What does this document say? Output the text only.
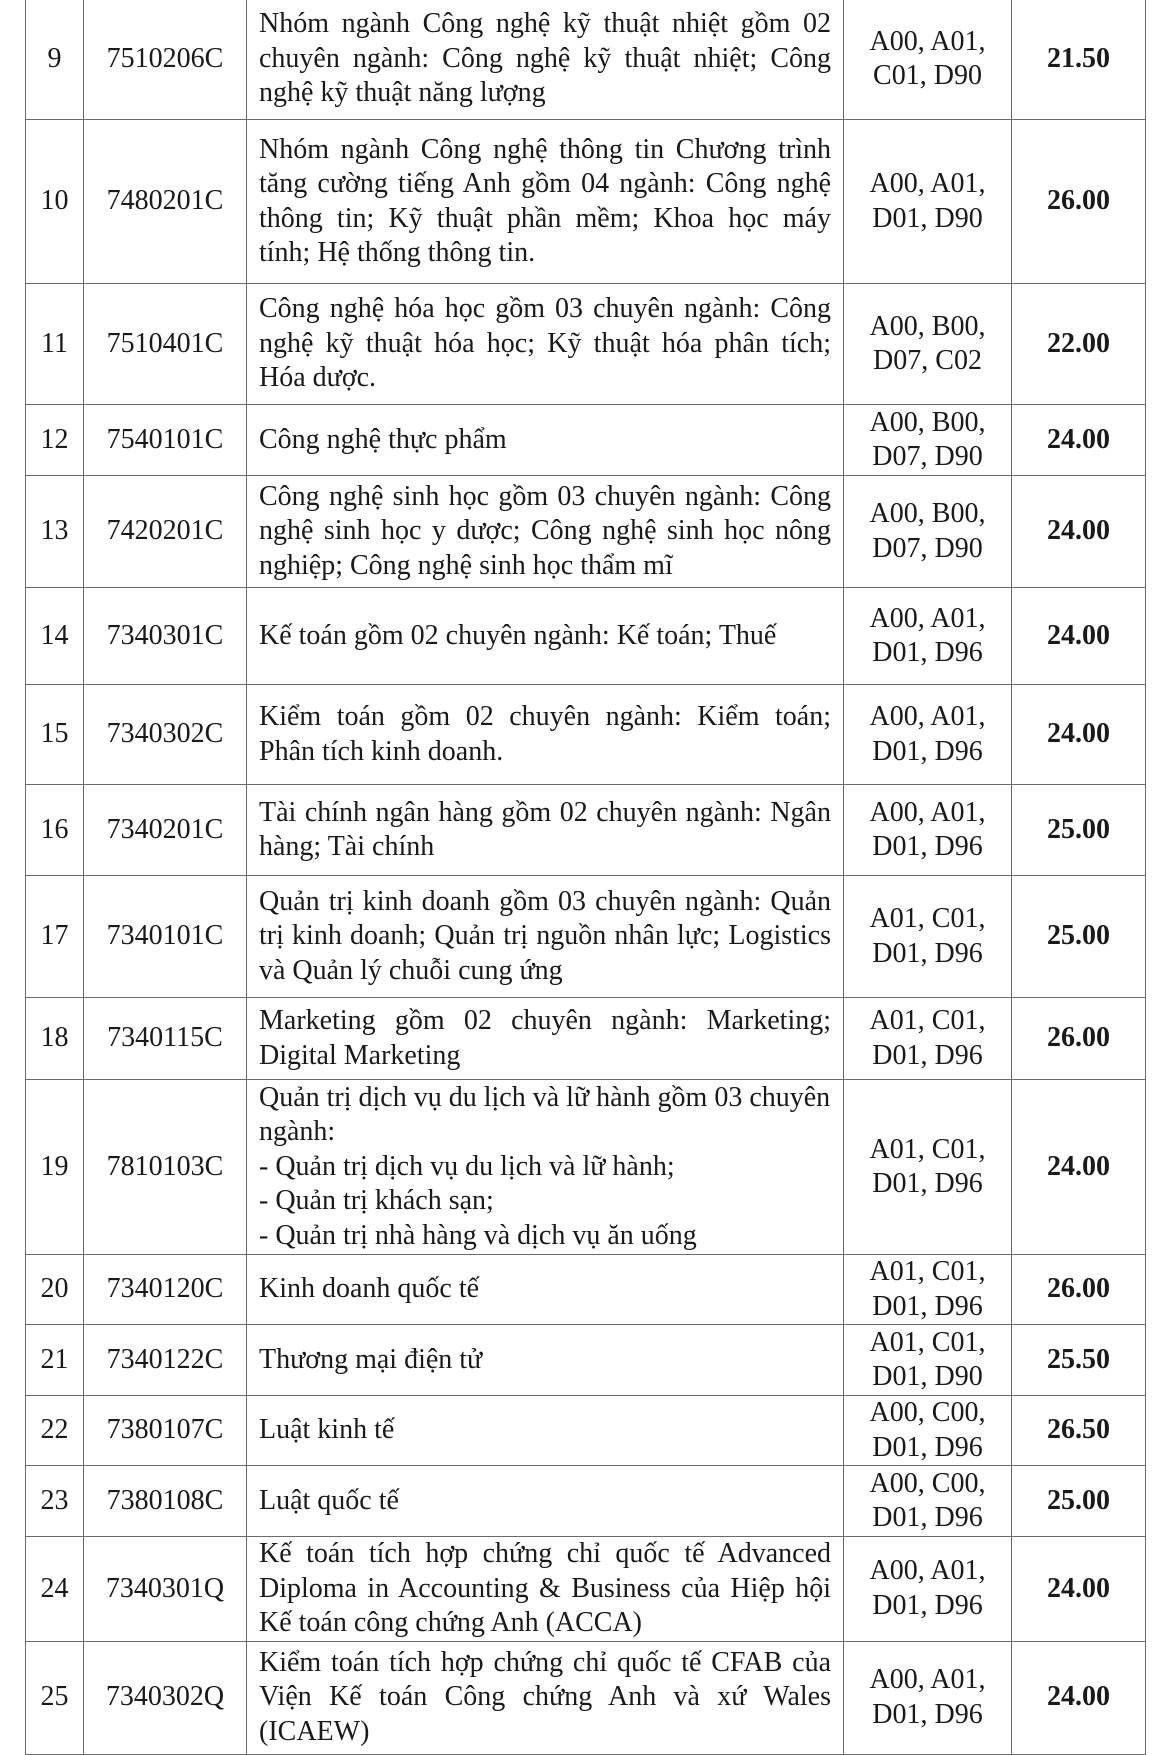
9	7510206C	Nhóm ngành Công nghệ kỹ thuật nhiệt gồm 02 chuyên ngành: Công nghệ kỹ thuật nhiệt; Công nghệ kỹ thuật năng lượng	A00, A01,
C01, D90	21.50
10	7480201C	Nhóm ngành Công nghệ thông tin Chương trình tăng cường tiếng Anh gồm 04 ngành: Công nghệ thông tin; Kỹ thuật phần mềm; Khoa học máy tính; Hệ thống thông tin.	A00, A01,
D01, D90	26.00
11	7510401C	Công nghệ hóa học gồm 03 chuyên ngành: Công nghệ kỹ thuật hóa học; Kỹ thuật hóa phân tích; Hóa dược.	A00, B00,
D07, C02	22.00
12	7540101C	Công nghệ thực phẩm	A00, B00,
D07, D90	24.00
13	7420201C	Công nghệ sinh học gồm 03 chuyên ngành: Công nghệ sinh học y dược; Công nghệ sinh học nông nghiệp; Công nghệ sinh học thẩm mĩ	A00, B00,
D07, D90	24.00
14	7340301C	Kế toán gồm 02 chuyên ngành: Kế toán; Thuế	A00, A01,
D01, D96	24.00
15	7340302C	Kiểm toán gồm 02 chuyên ngành: Kiểm toán; Phân tích kinh doanh.	A00, A01,
D01, D96	24.00
16	7340201C	Tài chính ngân hàng gồm 02 chuyên ngành: Ngân hàng; Tài chính	A00, A01,
D01, D96	25.00
17	7340101C	Quản trị kinh doanh gồm 03 chuyên ngành: Quản trị kinh doanh; Quản trị nguồn nhân lực; Logistics và Quản lý chuỗi cung ứng	A01, C01,
D01, D96	25.00
18	7340115C	Marketing gồm 02 chuyên ngành: Marketing; Digital Marketing	A01, C01,
D01, D96	26.00
19	7810103C	Quản trị dịch vụ du lịch và lữ hành gồm 03 chuyên ngành:
- Quản trị dịch vụ du lịch và lữ hành;
- Quản trị khách sạn;
- Quản trị nhà hàng và dịch vụ ăn uống	A01, C01,
D01, D96	24.00
20	7340120C	Kinh doanh quốc tế	A01, C01,
D01, D96	26.00
21	7340122C	Thương mại điện tử	A01, C01,
D01, D90	25.50
22	7380107C	Luật kinh tế	A00, C00,
D01, D96	26.50
23	7380108C	Luật quốc tế	A00, C00,
D01, D96	25.00
24	7340301Q	Kế toán tích hợp chứng chỉ quốc tế Advanced Diploma in Accounting & Business của Hiệp hội Kế toán công chứng Anh (ACCA)	A00, A01,
D01, D96	24.00
25	7340302Q	Kiểm toán tích hợp chứng chỉ quốc tế CFAB của Viện Kế toán Công chứng Anh và xứ Wales (ICAEW)	A00, A01,
D01, D96	24.00
